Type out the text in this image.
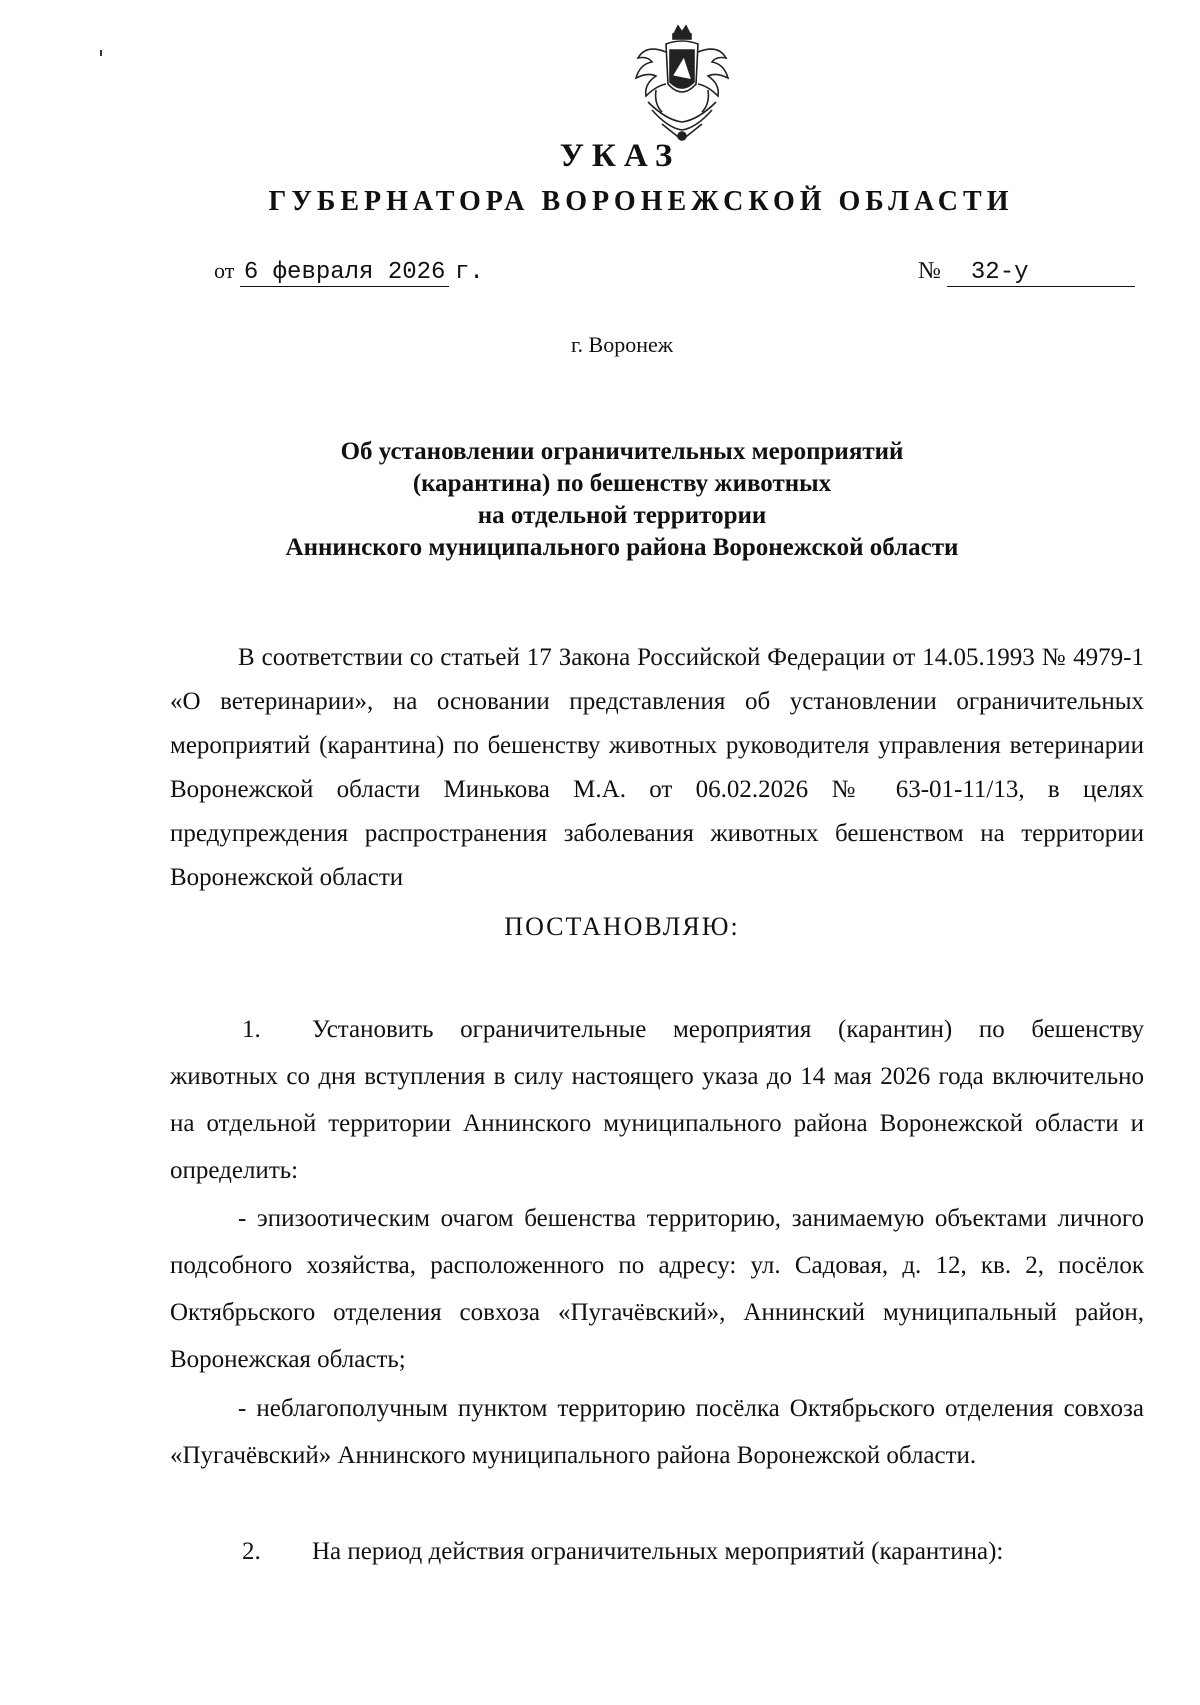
УКАЗ
ГУБЕРНАТОРА ВОРОНЕЖСКОЙ ОБЛАСТИ
от 6 февраля 2026 г.	№ 32-у
г. Воронеж
Об установлении ограничительных мероприятий
(карантина) по бешенству животных
на отдельной территории
Аннинского муниципального района Воронежской области
В соответствии со статьей 17 Закона Российской Федерации от 14.05.1993 № 4979-1 «О ветеринарии», на основании представления об установлении ограничительных мероприятий (карантина) по бешенству животных руководителя управления ветеринарии Воронежской области Минькова М.А. от 06.02.2026 № 63-01-11/13, в целях предупреждения распространения заболевания животных бешенством на территории Воронежской области
ПОСТАНОВЛЯЮ:
1. Установить ограничительные мероприятия (карантин) по бешенству животных со дня вступления в силу настоящего указа до 14 мая 2026 года включительно на отдельной территории Аннинского муниципального района Воронежской области и определить:
- эпизоотическим очагом бешенства территорию, занимаемую объектами личного подсобного хозяйства, расположенного по адресу: ул. Садовая, д. 12, кв. 2, посёлок Октябрьского отделения совхоза «Пугачёвский», Аннинский муниципальный район, Воронежская область;
- неблагополучным пунктом территорию посёлка Октябрьского отделения совхоза «Пугачёвский» Аннинского муниципального района Воронежской области.
2. На период действия ограничительных мероприятий (карантина):
